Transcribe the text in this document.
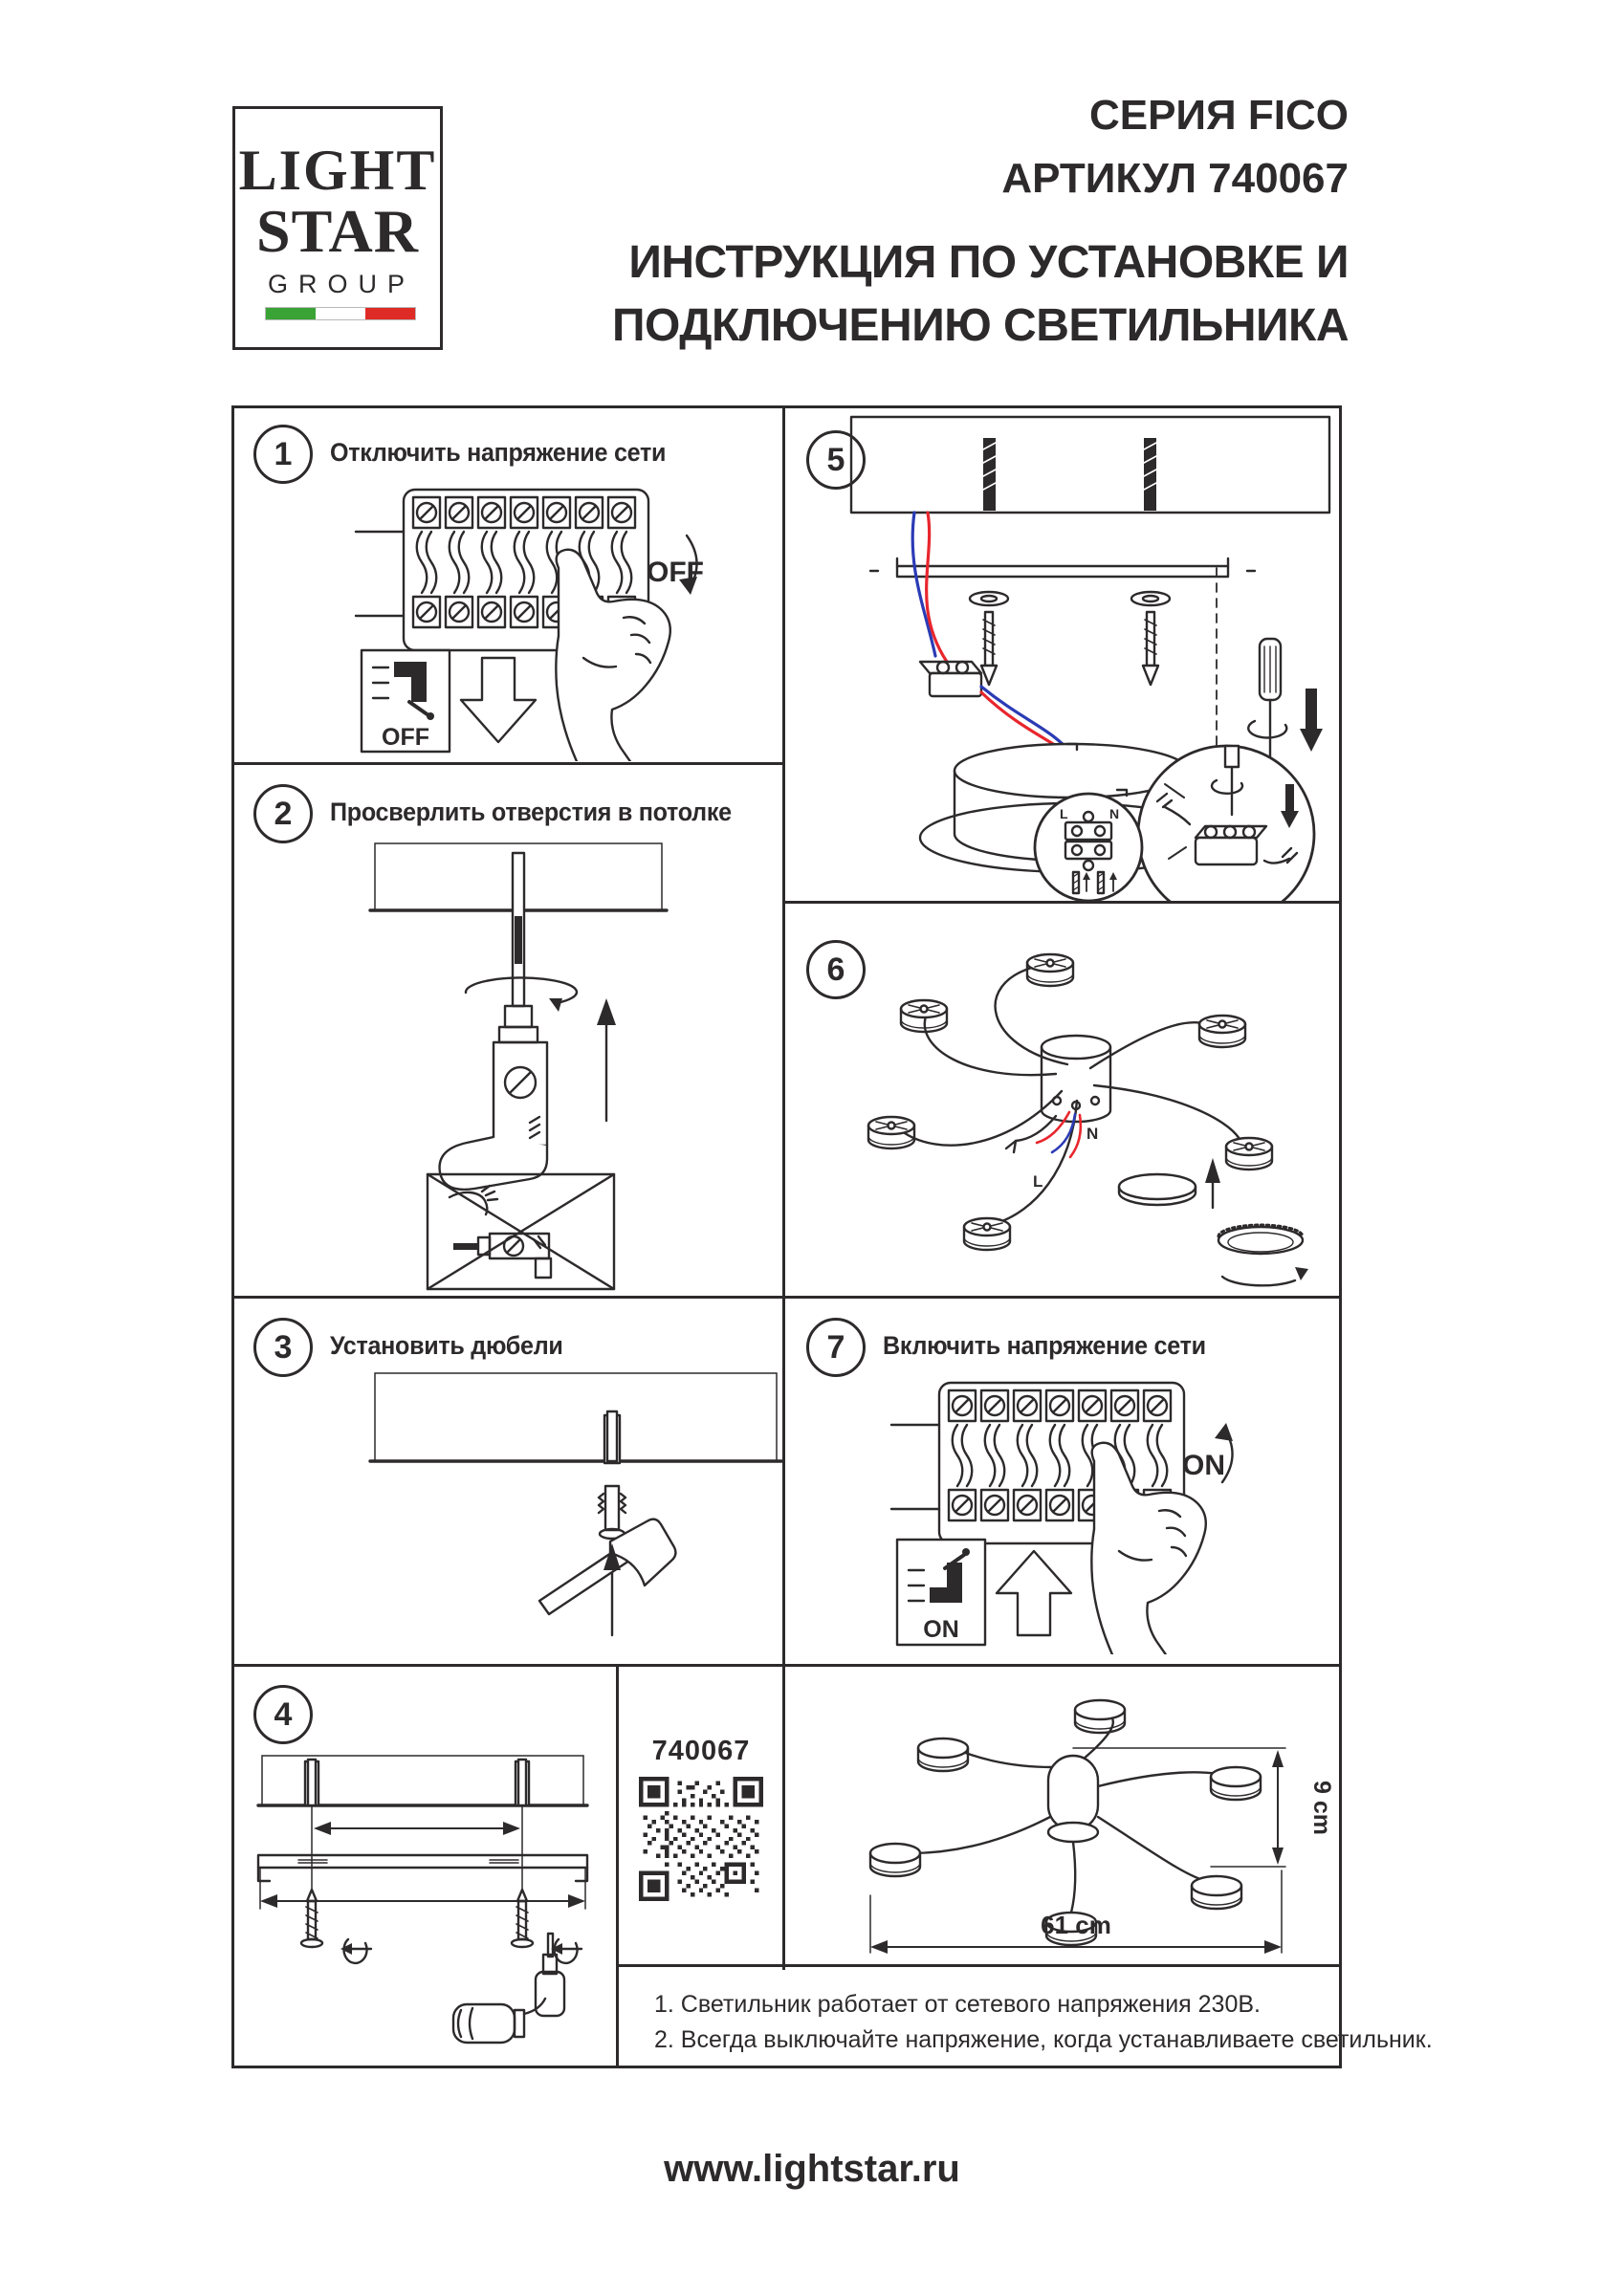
LIGHT
STAR
GROUP
СЕРИЯ FICO
АРТИКУЛ 740067
ИНСТРУКЦИЯ ПО УСТАНОВКЕ И
ПОДКЛЮЧЕНИЮ СВЕТИЛЬНИКА
1	Отключить напряжение сети
2	Просверлить отверстия в потолке
3	Установить дюбели
4
5
6
7	Включить напряжение сети
OFF
OFF
L	N
N
L
ON
ON
740067
9 cm
61 cm
1. Светильник работает от сетевого напряжения 230В.
2. Всегда выключайте напряжение, когда устанавливаете светильник.
www.lightstar.ru
